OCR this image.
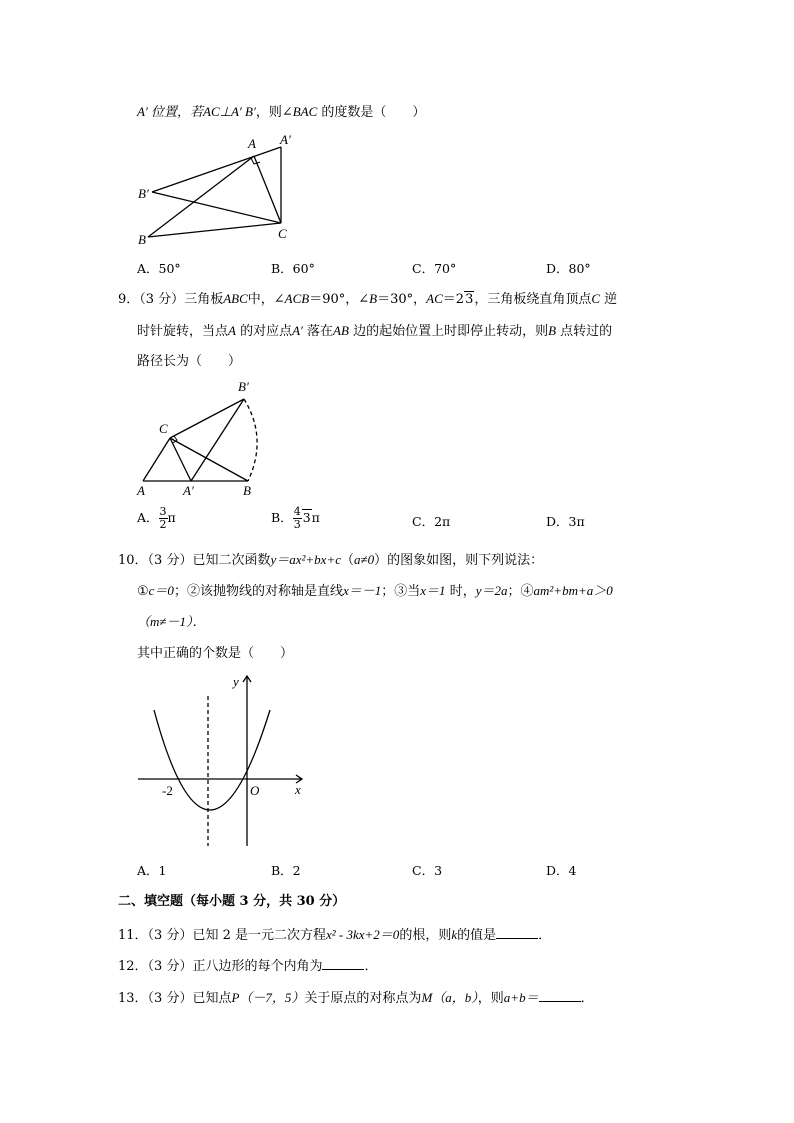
A′ 位置，若AC⊥A′ B′，则∠BAC 的度数是（　　）
A A′
B′
B	C
A．50°	B．60°	C．70°	D．80°
9．（3 分）三角板ABC中，∠ACB＝90°，∠B＝30°，AC＝23，三角板绕直角顶点C 逆
时针旋转，当点A 的对应点A′ 落在AB 边的起始位置上时即停止转动，则B 点转过的
路径长为（　　）
B′
C
A	A′	B
A． $\frac{3}{2}$ π	B． $\frac{4}{3} 3\pi$	C．2π	D．3π
10．（3 分）已知二次函数y＝ax²+bx+c（a≠0）的图象如图，则下列说法：
①c＝0；②该抛物线的对称轴是直线x＝－1；③当x＝1 时，y＝2a；④am²+bm+a＞0
（m≠－1）．
其中正确的个数是（　　）
y
x
O
-2
A．1	B．2	C．3	D．4
二、填空题（每小题 3 分，共 30 分）
11．（3 分）已知 2 是一元二次方程x² - 3kx+2＝0的根，则k的值是	．
12．（3 分）正八边形的每个内角为	．
13．（3 分）已知点P（－7，5）关于原点的对称点为M（a，b），则a+b＝	．
